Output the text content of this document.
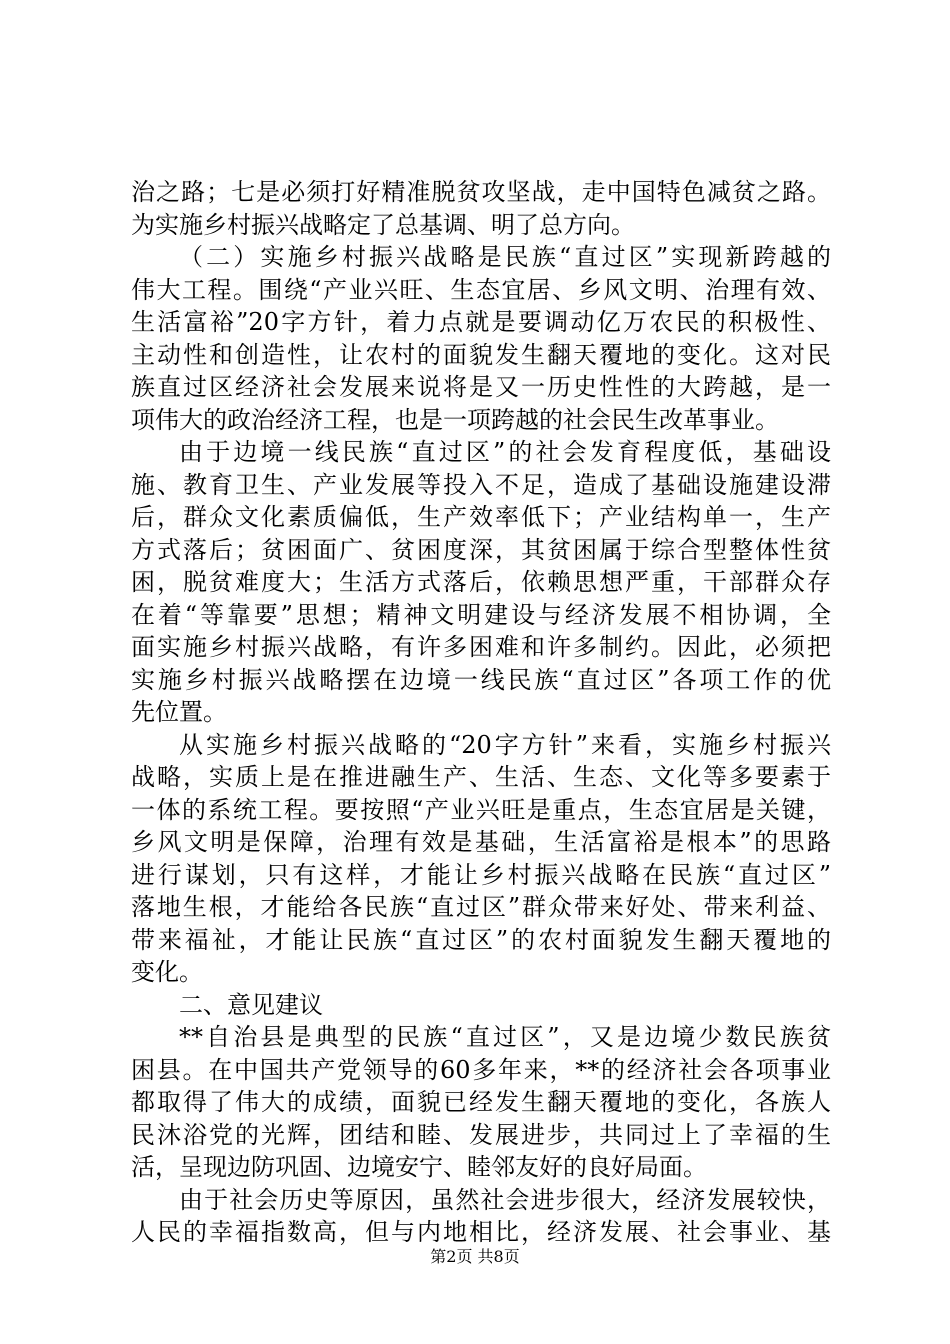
治之路；七是必须打好精准脱贫攻坚战，走中国特色减贫之路。
为实施乡村振兴战略定了总基调、明了总方向。
（二）实施乡村振兴战略是民族“直过区”实现新跨越的
伟大工程。围绕“产业兴旺、生态宜居、乡风文明、治理有效、
生活富裕”20字方针，着力点就是要调动亿万农民的积极性、
主动性和创造性，让农村的面貌发生翻天覆地的变化。这对民
族直过区经济社会发展来说将是又一历史性性的大跨越，是一
项伟大的政治经济工程，也是一项跨越的社会民生改革事业。
由于边境一线民族“直过区”的社会发育程度低，基础设
施、教育卫生、产业发展等投入不足，造成了基础设施建设滞
后，群众文化素质偏低，生产效率低下；产业结构单一，生产
方式落后；贫困面广、贫困度深，其贫困属于综合型整体性贫
困，脱贫难度大；生活方式落后，依赖思想严重，干部群众存
在着“等靠要”思想；精神文明建设与经济发展不相协调，全
面实施乡村振兴战略，有许多困难和许多制约。因此，必须把
实施乡村振兴战略摆在边境一线民族“直过区”各项工作的优
先位置。
从实施乡村振兴战略的“20字方针”来看，实施乡村振兴
战略，实质上是在推进融生产、生活、生态、文化等多要素于
一体的系统工程。要按照“产业兴旺是重点，生态宜居是关键，
乡风文明是保障，治理有效是基础，生活富裕是根本”的思路
进行谋划，只有这样，才能让乡村振兴战略在民族“直过区”
落地生根，才能给各民族“直过区”群众带来好处、带来利益、
带来福祉，才能让民族“直过区”的农村面貌发生翻天覆地的
变化。
二、意见建议
**自治县是典型的民族“直过区”，又是边境少数民族贫
困县。在中国共产党领导的60多年来，**的经济社会各项事业
都取得了伟大的成绩，面貌已经发生翻天覆地的变化，各族人
民沐浴党的光辉，团结和睦、发展进步，共同过上了幸福的生
活，呈现边防巩固、边境安宁、睦邻友好的良好局面。
由于社会历史等原因，虽然社会进步很大，经济发展较快，
人民的幸福指数高，但与内地相比，经济发展、社会事业、基
第2页 共8页
